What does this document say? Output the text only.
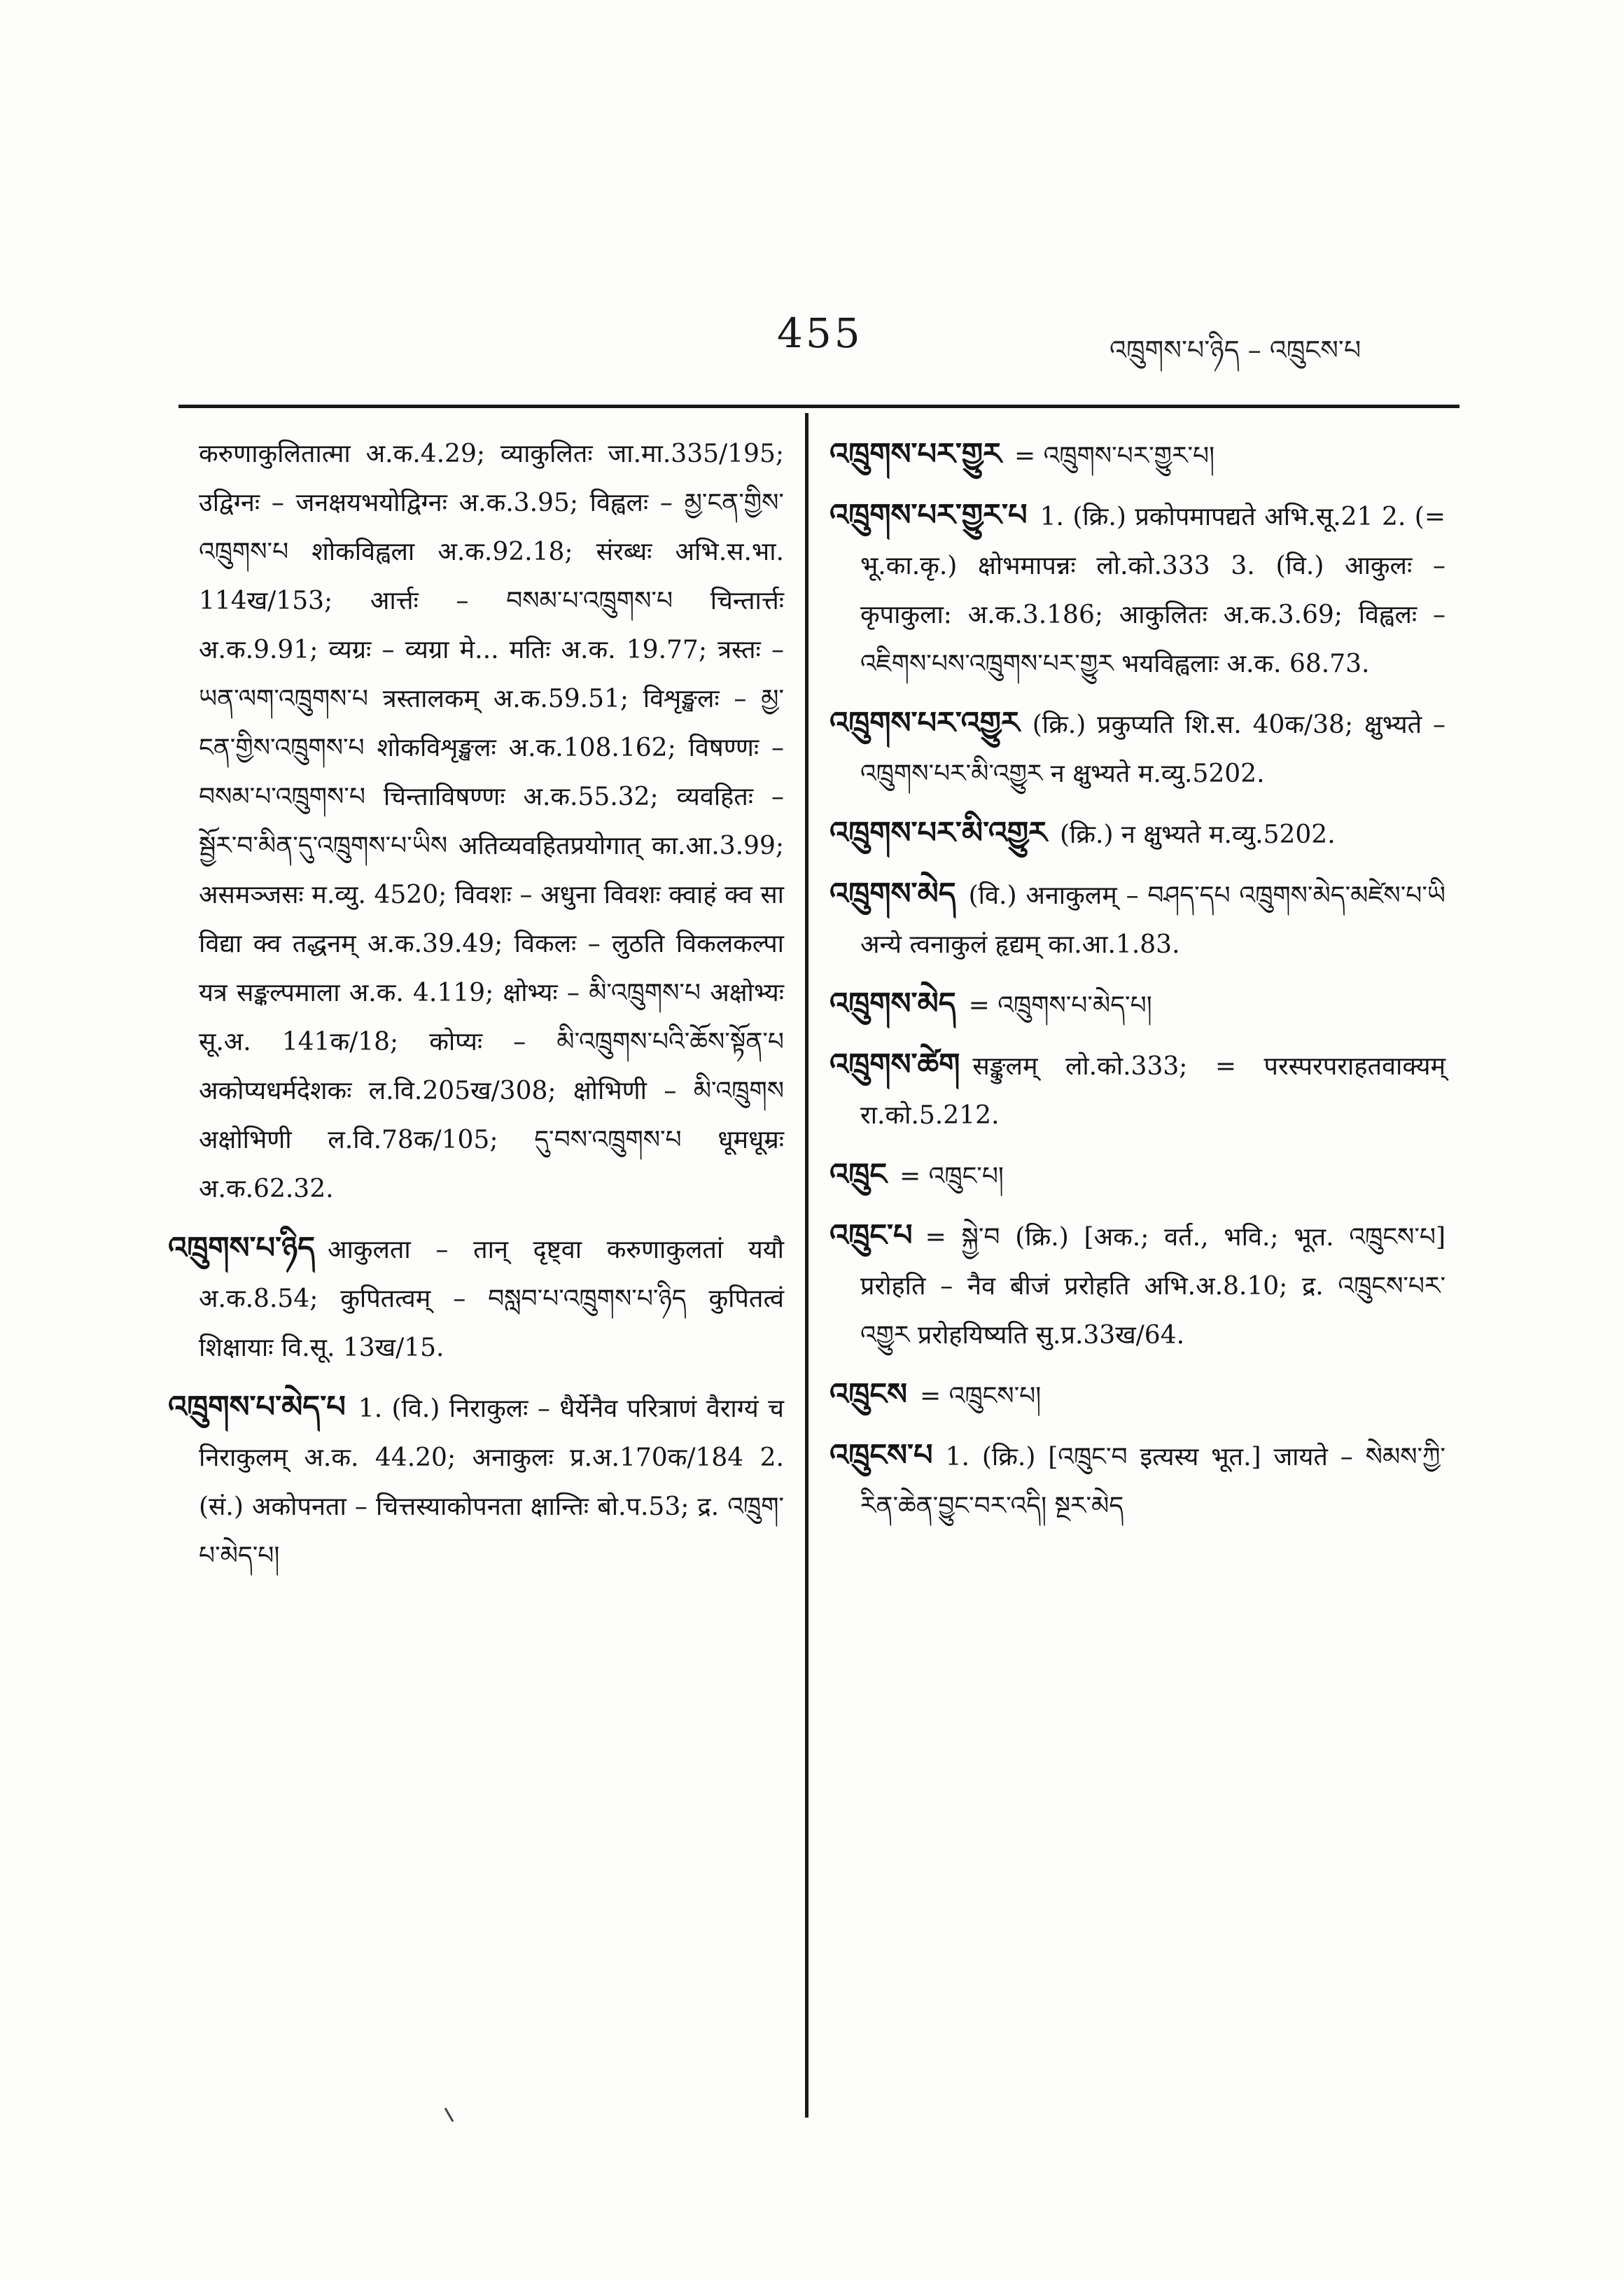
455	འཁྲུགས་པ་ཉིད – འཁྲུངས་པ

करुणाकुलितात्मा अ.क.4.29; व्याकुलितः जा.मा.335/195; उद्विग्नः – जनक्षयभयोद्विग्नः अ.क.3.95; विह्वलः – མྱ་ངན་གྱིས་འཁྲུགས་པ शोकविह्वला अ.क.92.18; संरब्धः अभि.स.भा. 114ख/153; आर्त्तः – བསམ་པ་འཁྲུགས་པ चिन्तार्त्तः अ.क.9.91; व्यग्रः – व्यग्रा मे... मतिः अ.क. 19.77; त्रस्तः – ཡན་ལག་འཁྲུགས་པ त्रस्तालकम् अ.क.59.51; विशृङ्खलः – མྱ་ངན་གྱིས་འཁྲུགས་པ शोकविशृङ्खलः अ.क.108.162; विषण्णः – བསམ་པ་འཁྲུགས་པ चिन्ताविषण्णः अ.क.55.32; व्यवहितः – སྦྱོར་བ་མིན་དུ་འཁྲུགས་པ་ཡིས अतिव्यवहितप्रयोगात् का.आ.3.99; असमञ्जसः म.व्यु. 4520; विवशः – अधुना विवशः क्वाहं क्व सा विद्या क्व तद्धनम् अ.क.39.49; विकलः – लुठति विकलकल्पा यत्र सङ्कल्पमाला अ.क. 4.119; क्षोभ्यः – མི་འཁྲུགས་པ अक्षोभ्यः सू.अ. 141क/18; कोप्यः – མི་འཁྲུགས་པའི་ཆོས་སྟོན་པ अकोप्यधर्मदेशकः ल.वि.205ख/308; क्षोभिणी – མི་འཁྲུགས अक्षोभिणी ल.वि.78क/105; དུ་བས་འཁྲུགས་པ धूमधूम्रः अ.क.62.32.

འཁྲུགས་པ་ཉིད आकुलता – तान् दृष्ट्वा करुणाकुलतां ययौ अ.क.8.54; कुपितत्वम् – བསླབ་པ་འཁྲུགས་པ་ཉིད कुपितत्वं शिक्षायाः वि.सू. 13ख/15.

འཁྲུགས་པ་མེད་པ 1. (वि.) निराकुलः – धैर्येनैव परित्राणं वैराग्यं च निराकुलम् अ.क. 44.20; अनाकुलः प्र.अ.170क/184 2. (सं.) अकोपनता – चित्तस्याकोपनता क्षान्तिः बो.प.53; द्र. འཁྲུག་པ་མེད་པ།

འཁྲུགས་པར་གྱུར = འཁྲུགས་པར་གྱུར་པ།

འཁྲུགས་པར་གྱུར་པ 1. (क्रि.) प्रकोपमापद्यते अभि.सू.21 2. (= भू.का.कृ.) क्षोभमापन्नः लो.को.333 3. (वि.) आकुलः – कृपाकुला: अ.क.3.186; आकुलितः अ.क.3.69; विह्वलः – འཇིགས་པས་འཁྲུགས་པར་གྱུར भयविह्वलाः अ.क. 68.73.

འཁྲུགས་པར་འགྱུར (क्रि.) प्रकुप्यति शि.स. 40क/38; क्षुभ्यते – འཁྲུགས་པར་མི་འགྱུར न क्षुभ्यते म.व्यु.5202.

འཁྲུགས་པར་མི་འགྱུར (क्रि.) न क्षुभ्यते म.व्यु.5202.

འཁྲུགས་མེད (वि.) अनाकुलम् – བཤད་དཔ འཁྲུགས་མེད་མཛེས་པ་ཡི अन्ये त्वनाकुलं हृद्यम् का.आ.1.83.

འཁྲུགས་མེད = འཁྲུགས་པ་མེད་པ།

འཁྲུགས་ཚེག सङ्कुलम् लो.को.333; = परस्परपराहतवाक्यम् रा.को.5.212.

འཁྲུང = འཁྲུང་པ།

འཁྲུང་པ = སྐྱེ་བ (क्रि.) [अक.; वर्त., भवि.; भूत. འཁྲུངས་པ] प्ररोहति – नैव बीजं प्ररोहति अभि.अ.8.10; द्र. འཁྲུངས་པར་འགྱུར प्ररोहयिष्यति सु.प्र.33ख/64.

འཁྲུངས = འཁྲུངས་པ།

འཁྲུངས་པ 1. (क्रि.) [འཁྲུང་བ इत्यस्य भूत.] जायते – སེམས་ཀྱི་རིན་ཆེན་བྱུང་བར་འདི། སྔར་མེད
